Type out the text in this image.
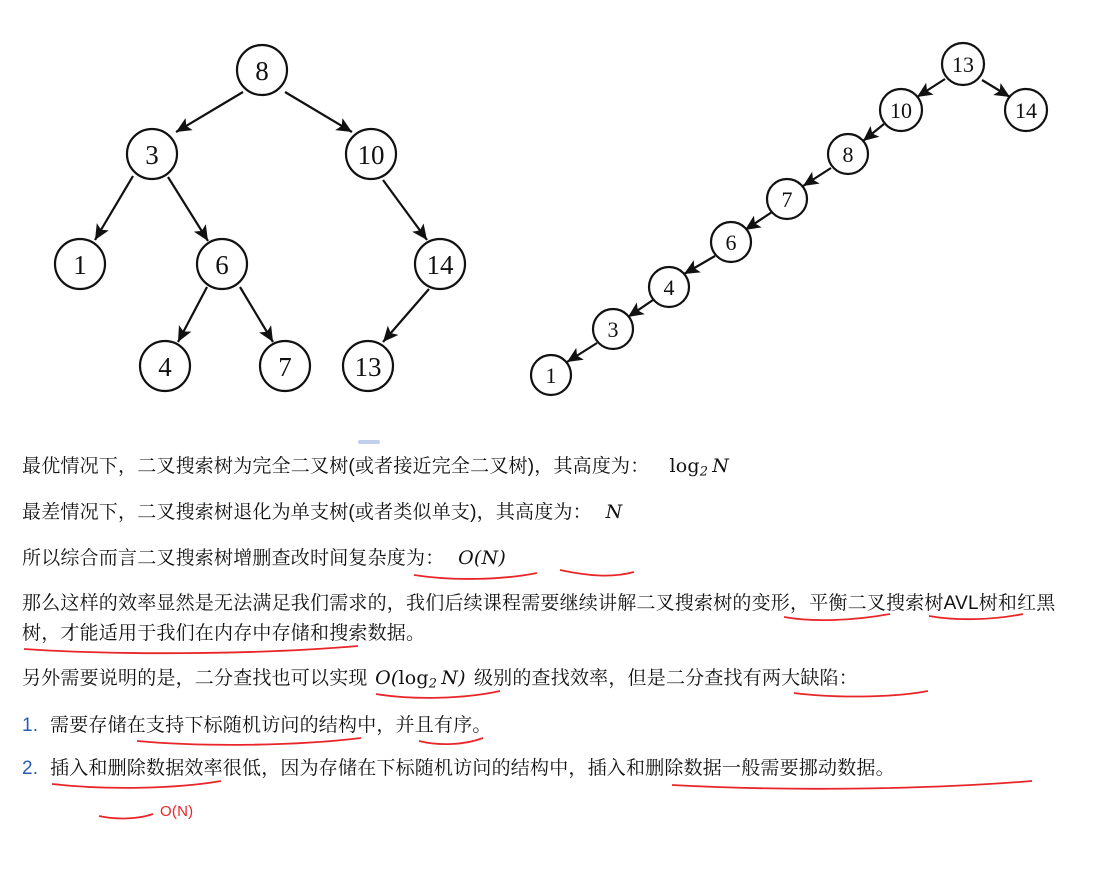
8
3	10
1	6	14
4	7 13
13
10	14
8
7
6
4
3
1

最优情况下，二叉搜索树为完全二叉树(或者接近完全二叉树)，其高度为： $\log_2 N$

最差情况下，二叉搜索树退化为单支树(或者类似单支)，其高度为： N

所以综合而言二叉搜索树增删查改时间复杂度为： O(N)

那么这样的效率显然是无法满足我们需求的，我们后续课程需要继续讲解二叉搜索树的变形，平衡二叉搜索树AVL树和红黑树，才能适用于我们在内存中存储和搜索数据。

另外需要说明的是，二分查找也可以实现 $O(\log_2$  N) 级别的查找效率，但是二分查找有两大缺陷：

1. 需要存储在支持下标随机访问的结构中，并且有序。
2. 插入和删除数据效率很低，因为存储在下标随机访问的结构中，插入和删除数据一般需要挪动数据。
O(N)
